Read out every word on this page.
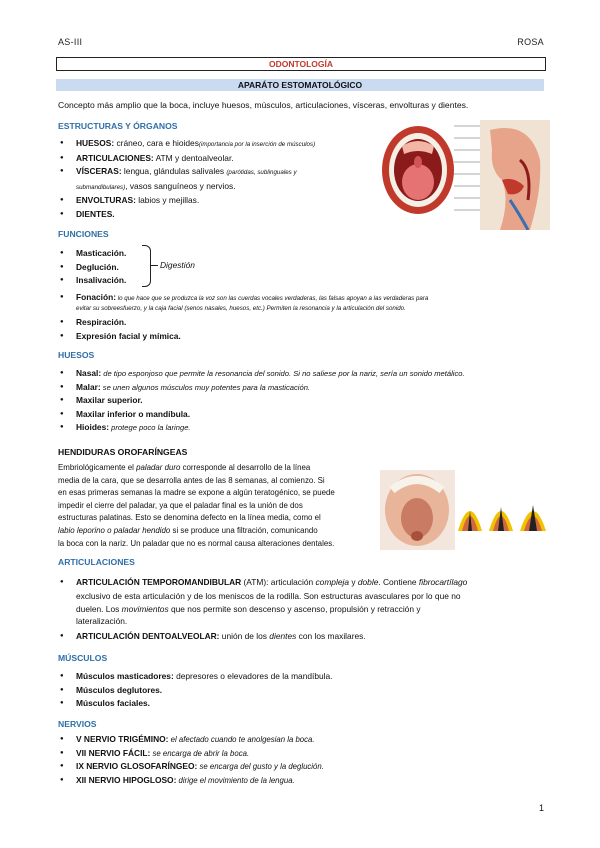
AS-III	ROSA
ODONTOLOGÍA
APARÁTO ESTOMATOLÓGICO
Concepto más amplio que la boca, incluye huesos, músculos, articulaciones, vísceras, envolturas y dientes.
ESTRUCTURAS Y ÓRGANOS
● HUESOS: cráneo, cara e hioides(importancia por la inserción de músculos)
● ARTICULACIONES: ATM y dentoalveolar.
● VÍSCERAS: lengua, glándulas salivales (parótidas, sublinguales y
submandibulares), vasos sanguíneos y nervios.
● ENVOLTURAS: labios y mejillas.
● DIENTES.
FUNCIONES
● Masticación.
● Deglución.
● Insalivación.
Digestión
● Fonación: lo que hace que se produzca la voz son las cuerdas vocales verdaderas, las falsas apoyan a las verdaderas para
evitar su sobreesfuerzo, y la caja facial (senos nasales, huesos, etc.) Permiten la resonancia y la articulación del sonido.
● Respiración.
● Expresión facial y mímica.
HUESOS
● Nasal: de tipo esponjoso que permite la resonancia del sonido. Si no saliese por la nariz, sería un sonido metálico.
● Malar: se unen algunos músculos muy potentes para la masticación.
● Maxilar superior.
● Maxilar inferior o mandíbula.
● Hioides: protege poco la laringe.
HENDIDURAS OROFARÍNGEAS
Embriológicamente el paladar duro corresponde al desarrollo de la línea
media de la cara, que se desarrolla antes de las 8 semanas, al comienzo. Si
en esas primeras semanas la madre se expone a algún teratogénico, se puede
impedir el cierre del paladar, ya que el paladar final es la unión de dos
estructuras palatinas. Esto se denomina defecto en la línea media, como el
labio leporino o paladar hendido si se produce una filtración, comunicando
la boca con la nariz. Un paladar que no es normal causa alteraciones dentales.
ARTICULACIONES
● ARTICULACIÓN TEMPOROMANDIBULAR (ATM): articulación compleja y doble. Contiene fibrocartílago
exclusivo de esta articulación y de los meniscos de la rodilla. Son estructuras avasculares por lo que no
duelen. Los movimientos que nos permite son descenso y ascenso, propulsión y retracción y
lateralización.
● ARTICULACIÓN DENTOALVEOLAR: unión de los dientes con los maxilares.
MÚSCULOS
● Músculos masticadores: depresores o elevadores de la mandíbula.
● Músculos deglutores.
● Músculos faciales.
NERVIOS
● V NERVIO TRIGÉMINO: el afectado cuando te anolgesian la boca.
● VII NERVIO FÁCIL: se encarga de abrir la boca.
● IX NERVIO GLOSOFARÍNGEO: se encarga del gusto y la deglución.
● XII NERVIO HIPOGLOSO: dirige el movimiento de la lengua.
1
